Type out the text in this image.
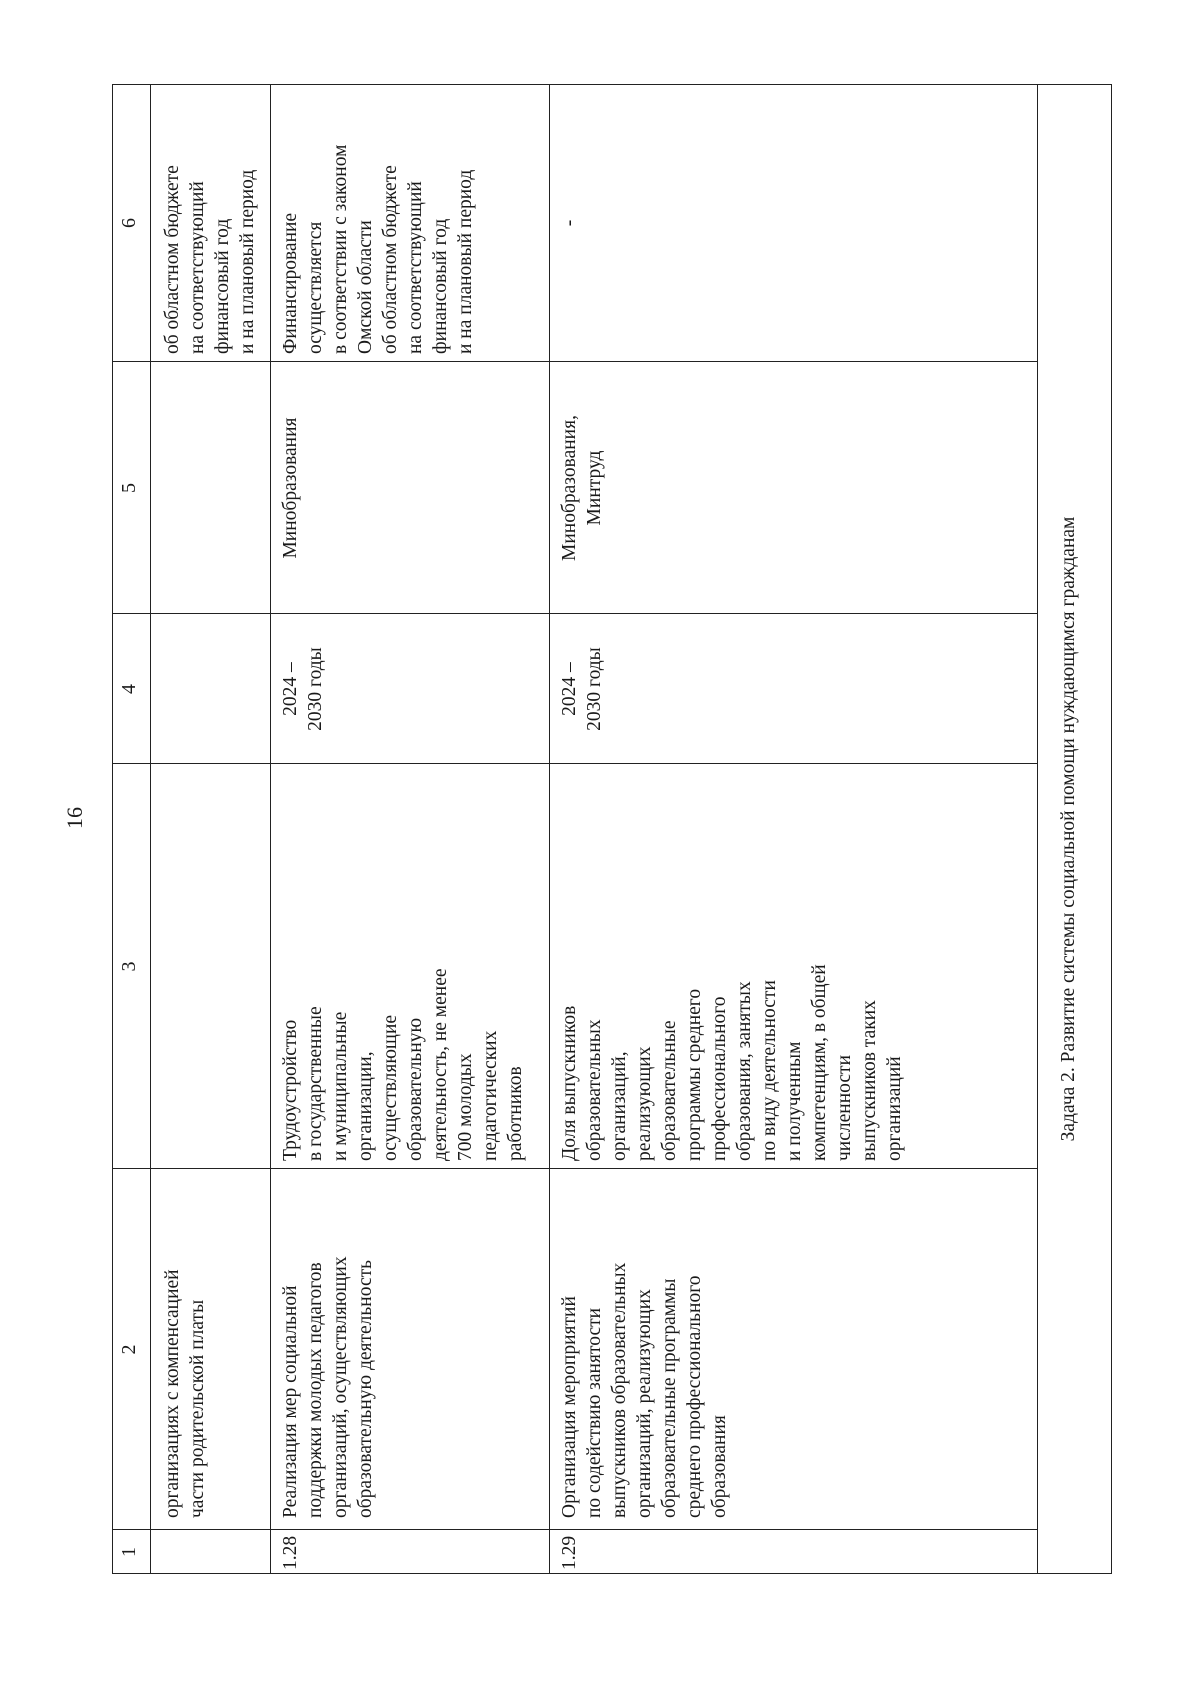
16
1
2
3
4
5
6
организациях с компенсацией
части родительской платы
об областном бюджете
на соответствующий
финансовый год
и на плановый период
1.28
Реализация мер социальной
поддержки молодых педагогов
организаций, осуществляющих
образовательную деятельность
Трудоустройство
в государственные
и муниципальные
организации,
осуществляющие
образовательную
деятельность, не менее
700 молодых
педагогических
работников
2024 –
2030 годы
Минобразования
Финансирование
осуществляется
в соответствии с законом
Омской области
об областном бюджете
на соответствующий
финансовый год
и на плановый период
1.29
Организация мероприятий
по содействию занятости
выпускников образовательных
организаций, реализующих
образовательные программы
среднего профессионального
образования
Доля выпускников
образовательных
организаций,
реализующих
образовательные
программы среднего
профессионального
образования, занятых
по виду деятельности
и полученным
компетенциям, в общей
численности
выпускников таких
организаций
2024 –
2030 годы
Минобразования,
Минтруд
-
Задача 2. Развитие системы социальной помощи нуждающимся гражданам
